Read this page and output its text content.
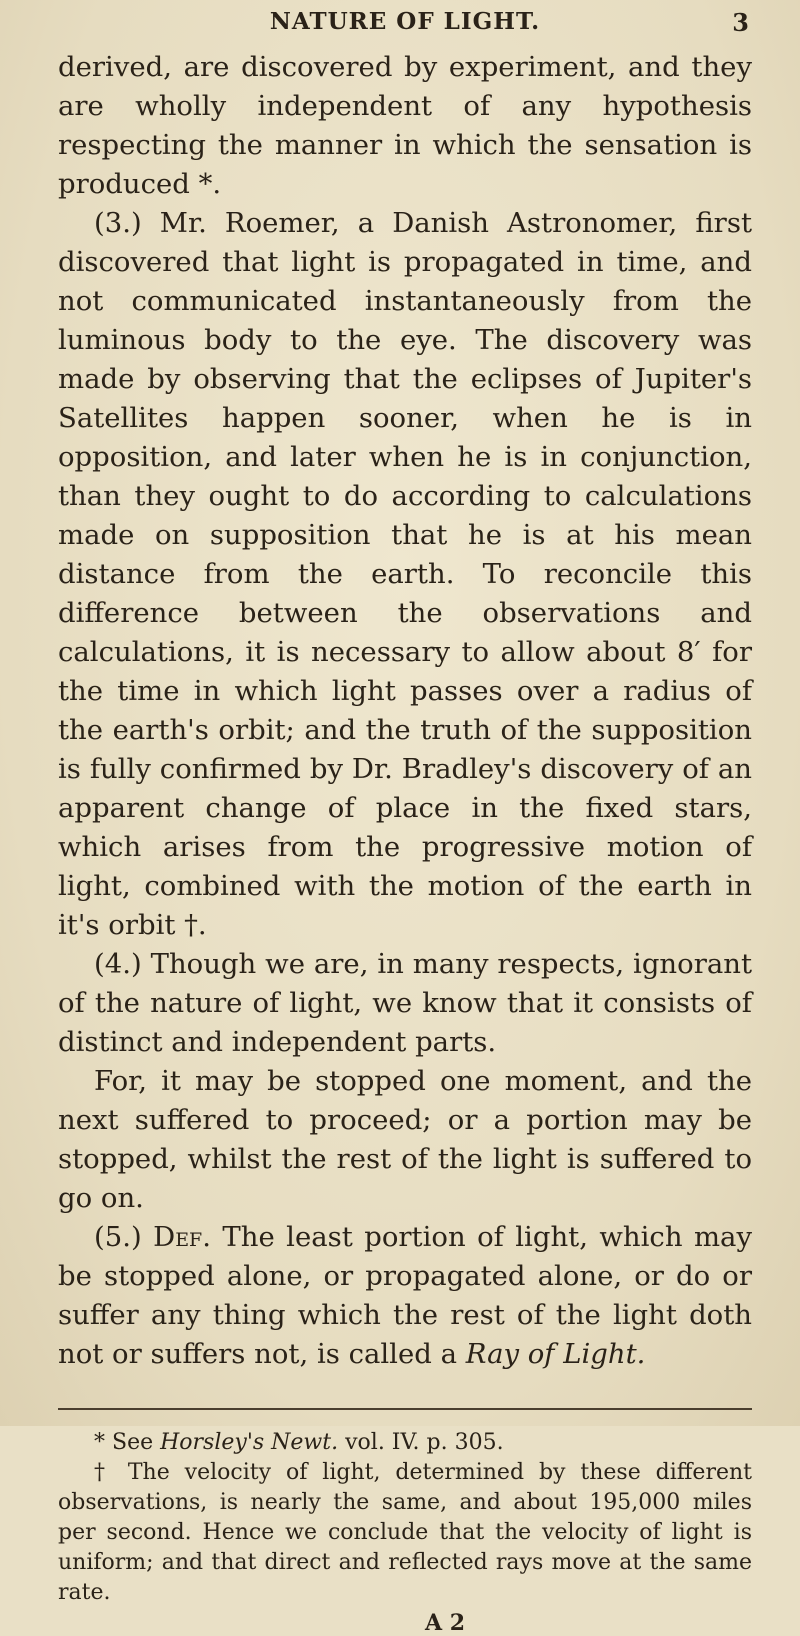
NATURE OF LIGHT.	3

derived, are discovered by experiment, and they are wholly independent of any hypothesis respecting the manner in which the sensation is produced *.

(3.) Mr. Roemer, a Danish Astronomer, first discovered that light is propagated in time, and not communicated instantaneously from the luminous body to the eye. The discovery was made by observing that the eclipses of Jupiter's Satellites happen sooner, when he is in opposition, and later when he is in conjunction, than they ought to do according to calculations made on supposition that he is at his mean distance from the earth. To reconcile this difference between the observations and calculations, it is necessary to allow about 8′ for the time in which light passes over a radius of the earth's orbit; and the truth of the supposition is fully confirmed by Dr. Bradley's discovery of an apparent change of place in the fixed stars, which arises from the progressive motion of light, combined with the motion of the earth in it's orbit †.

(4.) Though we are, in many respects, ignorant of the nature of light, we know that it consists of distinct and independent parts.

For, it may be stopped one moment, and the next suffered to proceed; or a portion may be stopped, whilst the rest of the light is suffered to go on.

(5.) Def. The least portion of light, which may be stopped alone, or propagated alone, or do or suffer any thing which the rest of the light doth not or suffers not, is called a Ray of Light.

* See Horsley's Newt. vol. IV. p. 305.

† The velocity of light, determined by these different observations, is nearly the same, and about 195,000 miles per second. Hence we conclude that the velocity of light is uniform; and that direct and reflected rays move at the same rate.

A 2
